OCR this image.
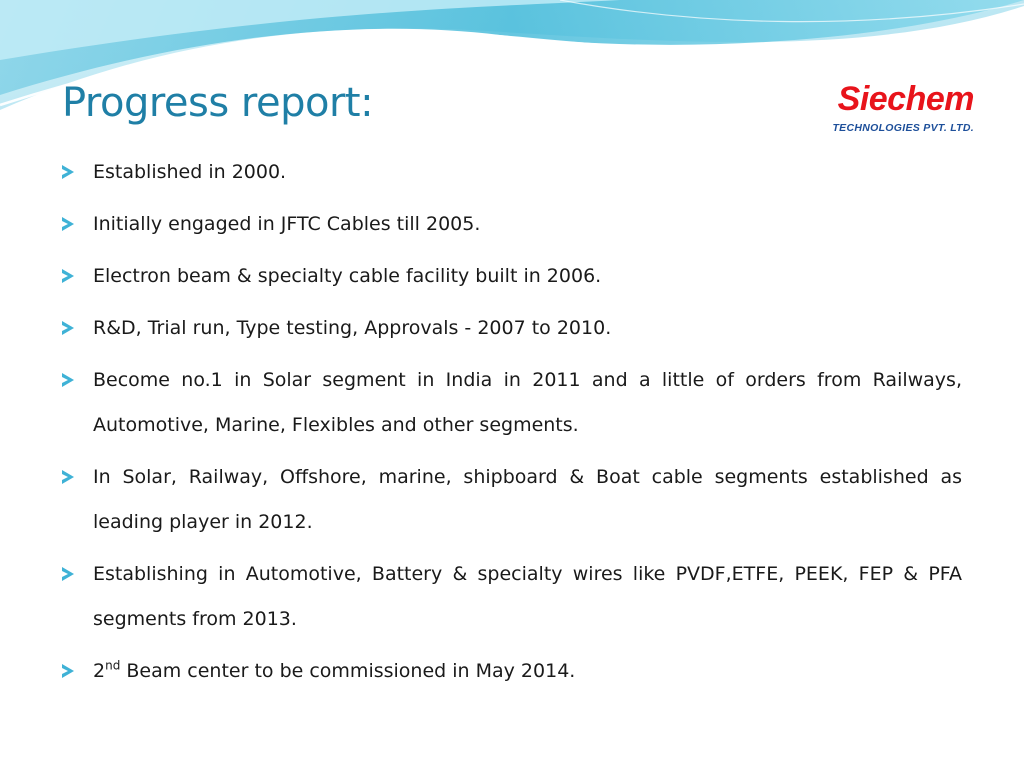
Progress report:	Siechem
TECHNOLOGIES PVT. LTD.
Established in 2000.
Initially engaged in JFTC Cables till 2005.
Electron beam & specialty cable facility built in 2006.
R&D, Trial run, Type testing, Approvals - 2007 to 2010.
Become no.1 in Solar segment in India in 2011 and a little of orders from Railways, Automotive, Marine, Flexibles and other segments.
In Solar, Railway, Offshore, marine, shipboard & Boat cable segments established as leading player in 2012.
Establishing in Automotive, Battery & specialty wires like PVDF,ETFE, PEEK, FEP & PFA segments from 2013.
2nd Beam center to be commissioned in May 2014.
